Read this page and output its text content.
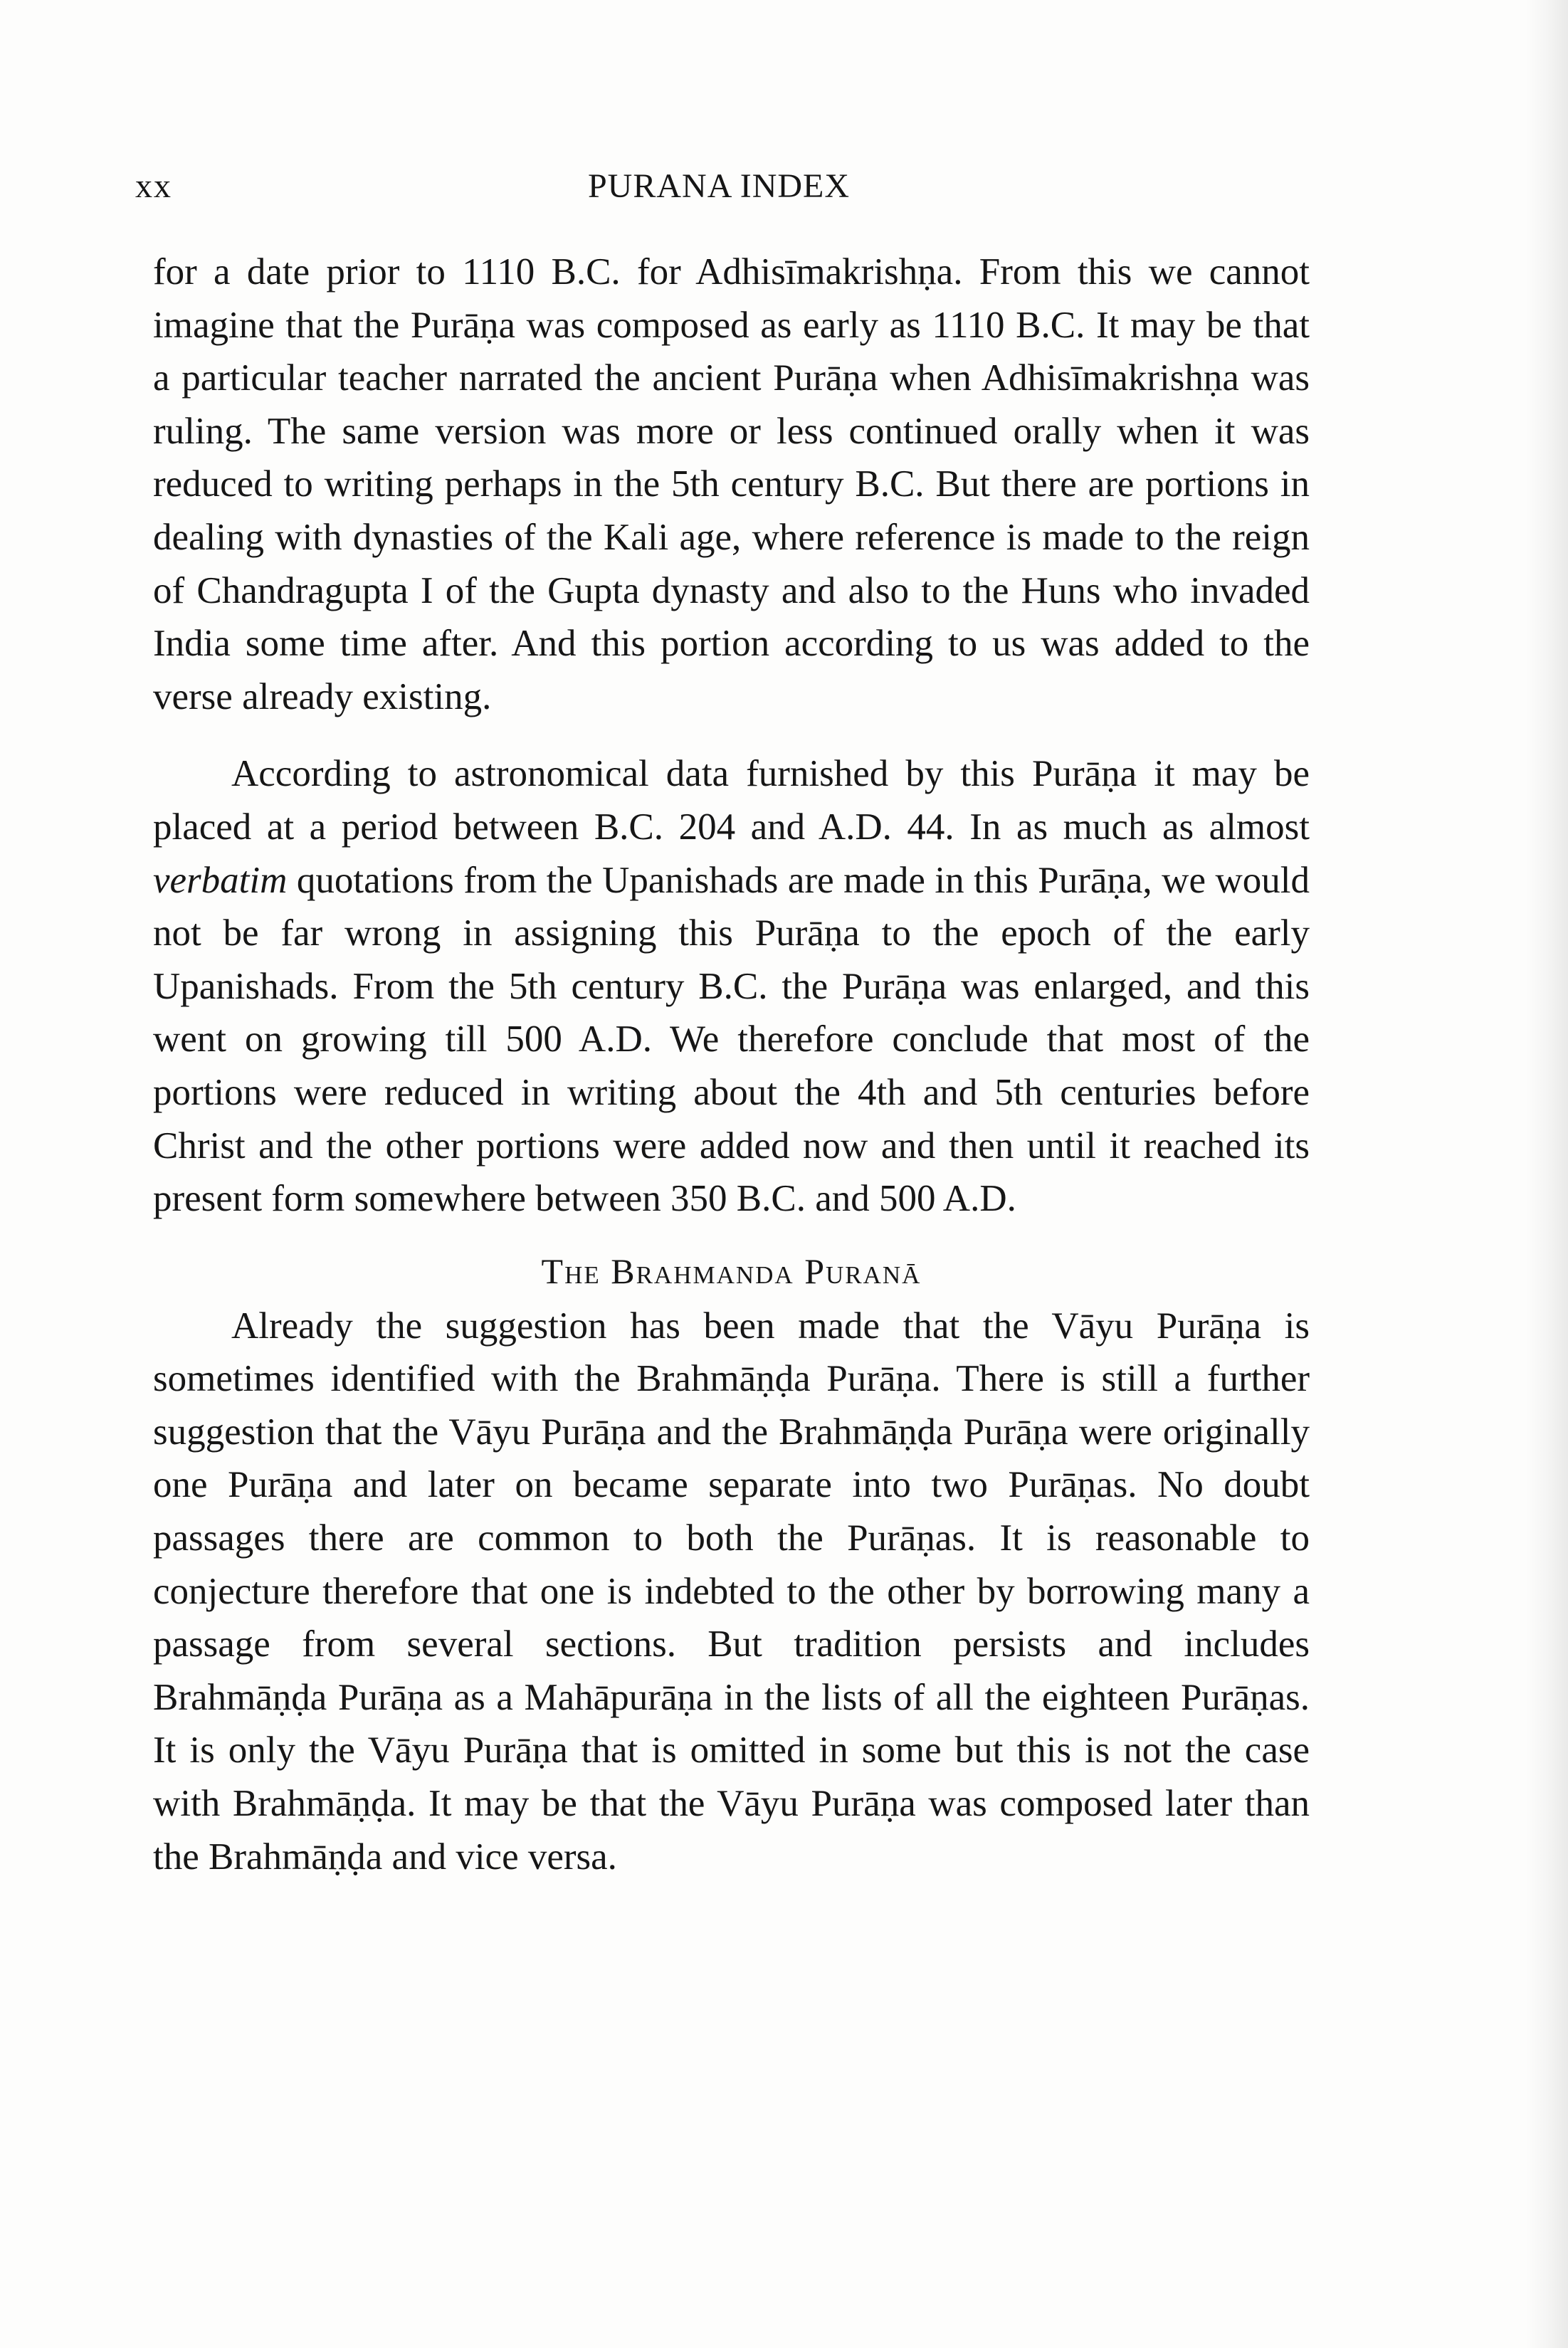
xx	PURANA INDEX

for a date prior to 1110 B.C. for Adhisīmakrishṇa. From this we cannot imagine that the Purāṇa was composed as early as 1110 B.C. It may be that a particular teacher narrated the ancient Purāṇa when Adhisīmakrishṇa was ruling. The same version was more or less continued orally when it was reduced to writing perhaps in the 5th century B.C. But there are portions in dealing with dynasties of the Kali age, where reference is made to the reign of Chandragupta I of the Gupta dynasty and also to the Huns who invaded India some time after. And this portion according to us was added to the verse already existing.

According to astronomical data furnished by this Purāṇa it may be placed at a period between B.C. 204 and A.D. 44. In as much as almost verbatim quotations from the Upanishads are made in this Purāṇa, we would not be far wrong in assigning this Purāṇa to the epoch of the early Upanishads. From the 5th century B.C. the Purāṇa was enlarged, and this went on growing till 500 A.D. We therefore conclude that most of the portions were reduced in writing about the 4th and 5th centuries before Christ and the other portions were added now and then until it reached its present form somewhere between 350 B.C. and 500 A.D.

The Brahmanda Puranā

Already the suggestion has been made that the Vāyu Purāṇa is sometimes identified with the Brahmāṇḍa Purāṇa. There is still a further suggestion that the Vāyu Purāṇa and the Brahmāṇḍa Purāṇa were originally one Purāṇa and later on became separate into two Purāṇas. No doubt passages there are common to both the Purāṇas. It is reasonable to conjecture therefore that one is indebted to the other by borrowing many a passage from several sections. But tradition persists and includes Brahmāṇḍa Purāṇa as a Mahāpurāṇa in the lists of all the eighteen Purāṇas. It is only the Vāyu Purāṇa that is omitted in some but this is not the case with Brahmāṇḍa. It may be that the Vāyu Purāṇa was composed later than the Brahmāṇḍa and vice versa.
